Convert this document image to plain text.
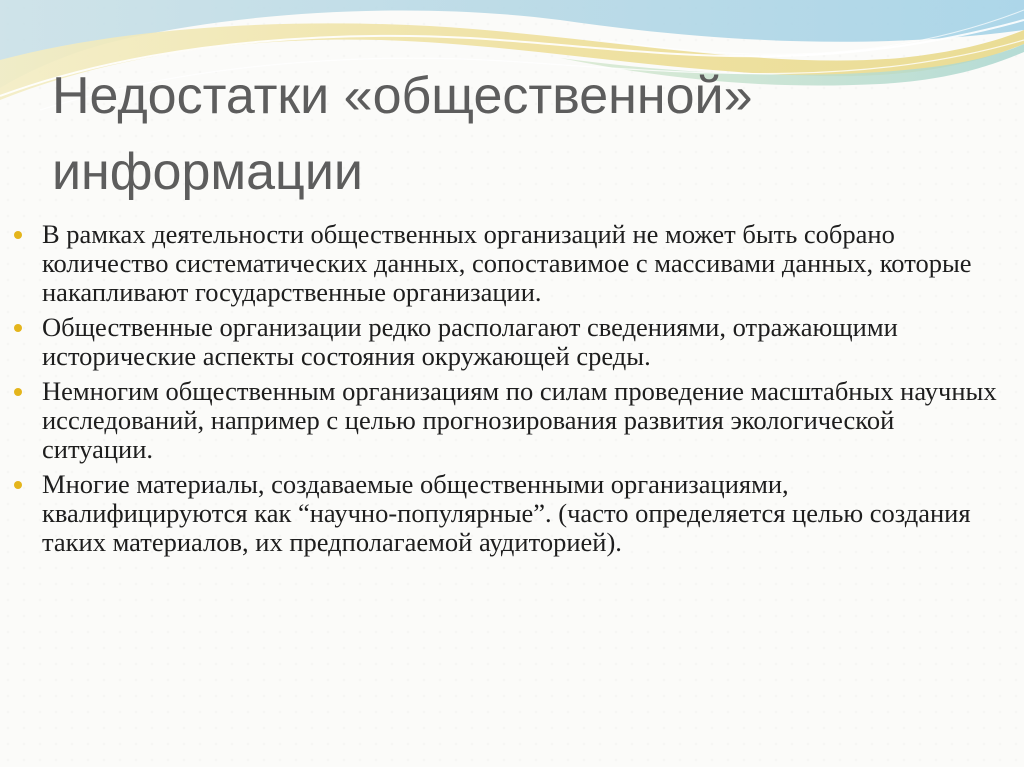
Недостатки «общественной»
информации
В рамках деятельности общественных организаций не может быть собрано количество систематических данных, сопоставимое с массивами данных, которые накапливают государственные организации.
Общественные организации редко располагают сведениями, отражающими исторические аспекты состояния окружающей среды.
Немногим общественным организациям по силам проведение масштабных научных исследований, например с целью прогнозирования развития экологической ситуации.
Многие материалы, создаваемые общественными организациями, квалифицируются как “научно-популярные”. (часто определяется целью создания таких материалов, их предполагаемой аудиторией).
